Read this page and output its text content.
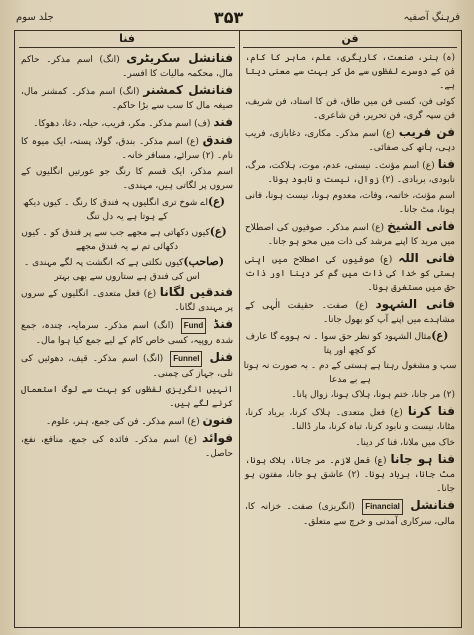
جلد سوم	۳۵۳	فرہنگِ آصفیہ
فن
(ہ) ہنر، صنعت، کاریگری، علم، ماہر کا کام، فن کے دوسرے لفظوں سے مل کر بہت سے معنی دیتا ہے۔
کوئی فن، کسی فن میں طاق، فن کا استاد، فن شریف، فن سپہ گری، فن تحریر، فن شاعری۔
فن فریب (ع) اسم مذکر۔ مکاری، دغابازی، فریب دہی، ہاتھ کی صفائی۔
فنا (ع) اسم مؤنث۔ نیستی، عدم، موت، ہلاکت، مرگ، نابودی، بربادی۔ (۲) زوال، نیست و نابود ہونا۔
اسم مؤنث، خاتمہ، وفات، معدوم ہونا، نیست ہونا، فانی ہونا، مٹ جانا۔
فانی الشیخ (ع) اسم مذکر۔ صوفیوں کی اصطلاح میں مرید کا اپنے مرشد کی ذات میں محو ہو جانا۔
فانی اللہ (ع) صوفیوں کی اصطلاح میں اپنی ہستی کو خدا کی ذات میں گم کر دینا اور ذات حق میں مستغرق ہونا۔
فانی الشہود (ع) صفت۔ حقیقت الٰہی کے مشاہدے میں اپنے آپ کو بھول جانا۔
(ع)مثال الشہود کو نظر حق سوا ۔ نہ ہووے گا عارف کو کچھ اور پتا
سپ و مشغول رہتا ہے ہستی کے دم ۔ بہ صورت نہ ہوتا ہے بے مدعا
(۲) مر جانا، ختم ہونا، ہلاک ہونا، زوال پانا۔
فنا کرنا (ع) فعل متعدی۔ ہلاک کرنا، برباد کرنا، مٹانا، نیست و نابود کرنا، تباہ کرنا، مار ڈالنا۔
خاک میں ملانا، فنا کر دینا۔
فنا ہو جانا (ع) فعل لازم۔ مر جانا، ہلاک ہونا، مٹ جانا، برباد ہونا۔ (۲) عاشق ہو جانا، مفتون ہو جانا۔
فنانشل Financial (انگریزی) صفت۔ خزانہ کا، مالی، سرکاری آمدنی و خرچ سے متعلق۔
فنا
فنانشل سکریٹری (انگ) اسم مذکر۔ حاکم مال، محکمہ مالیات کا افسر۔
فنانشل کمشنر (انگ) اسم مذکر۔ کمشنر مال، صیغہ مال کا سب سے بڑا حاکم۔
فند (ف) اسم مذکر۔ مکر، فریب، حیلہ، دغا، دھوکا۔
فندق (ع) اسم مذکر۔ بندق، گولا، پستہ، ایک میوہ کا نام۔ (۲) سرائے، مسافر خانہ۔
اسم مذکر، ایک قسم کا رنگ جو عورتیں انگلیوں کے سروں پر لگاتی ہیں، مہندی۔
(ع)اے شوخ تری انگلیوں پہ فندق کا رنگ ۔ کیوں دیکھ کے ہوتا ہے یہ دل تنگ
(ع)کیوں دکھاتی ہے مجھے جب سے پر فندق کو ۔ کیوں دکھائی تم نے یہ فندق مجھے
(صاحب)کیوں نکلتی ہے کہ انگشت پہ لگے مہندی ۔ اس کی فندق ہے ستاروں سے بھی بہتر
فندقیں لگانا (ع) فعل متعدی۔ انگلیوں کے سروں پر مہندی لگانا۔
فنڈ Fund (انگ) اسم مذکر۔ سرمایہ، چندہ، جمع شدہ روپیہ، کسی خاص کام کے لیے جمع کیا ہوا مال۔
فنل Funnel (انگ) اسم مذکر۔ قیف، دھوئیں کی نلی، جہاز کی چمنی۔
انہیں انگریزی لفظوں کو بہت سے لوگ استعمال کرنے لگے ہیں۔
فنون (ع) اسم مذکر۔ فن کی جمع، ہنر، علوم۔
فوائد (ع) اسم مذکر۔ فائدہ کی جمع، منافع، نفع، حاصل۔
